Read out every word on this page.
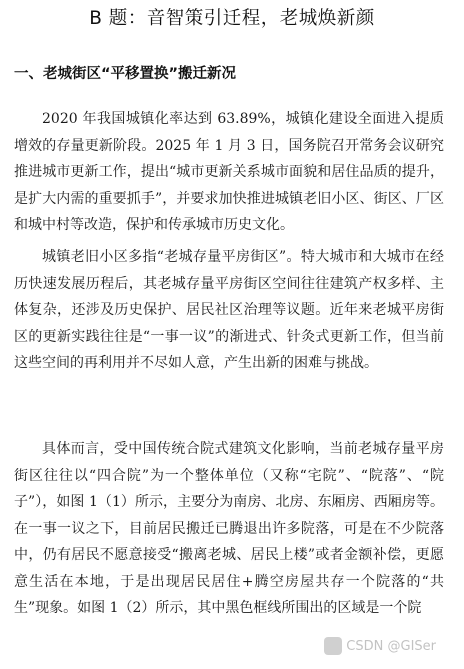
B 题：音智策引迁程，老城焕新颜
一、老城街区“平移置换”搬迁新况

2020 年我国城镇化率达到 63.89%，城镇化建设全面进入提质增效的存量更新阶段。2025 年 1 月 3 日，国务院召开常务会议研究推进城市更新工作，提出“城市更新关系城市面貌和居住品质的提升，是扩大内需的重要抓手”，并要求加快推进城镇老旧小区、街区、厂区和城中村等改造，保护和传承城市历史文化。

城镇老旧小区多指“老城存量平房街区”。特大城市和大城市在经历快速发展历程后，其老城存量平房街区空间往往建筑产权多样、主体复杂，还涉及历史保护、居民社区治理等议题。近年来老城平房街区的更新实践往往是“一事一议”的渐进式、针灸式更新工作，但当前这些空间的再利用并不尽如人意，产生出新的困难与挑战。

具体而言，受中国传统合院式建筑文化影响，当前老城存量平房街区往往以“四合院”为一个整体单位（又称“宅院”、“院落”、“院子”），如图 1（1）所示，主要分为南房、北房、东厢房、西厢房等。在一事一议之下，目前居民搬迁已腾退出许多院落，可是在不少院落中，仍有居民不愿意接受“搬离老城、居民上楼”或者金额补偿，更愿意生活在本地，于是出现居民居住+腾空房屋共存一个院落的“共生”现象。如图 1（2）所示，其中黑色框线所围出的区域是一个院

CSDN @GISer
